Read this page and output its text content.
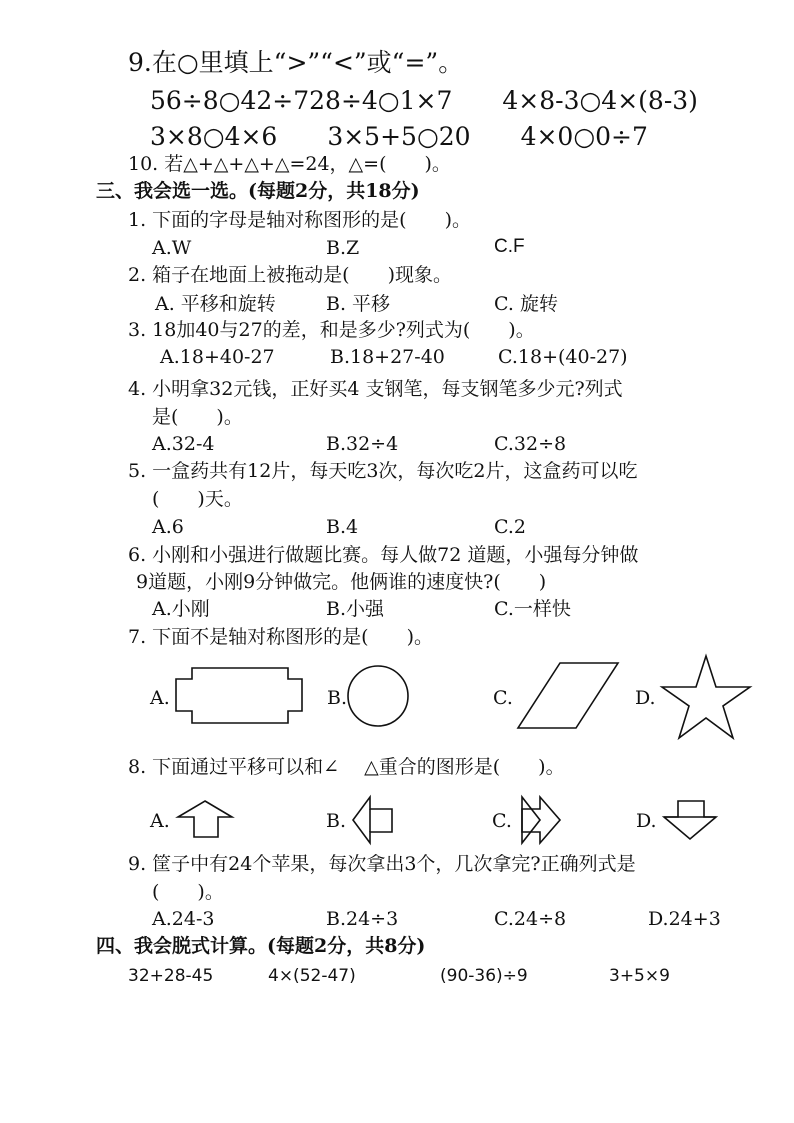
9.在○里填上“>”“<”或“=”。
56÷8○42÷728÷4○1×7　　4×8-3○4×(8-3)
3×8○4×6　　3×5+5○20　　4×0○0÷7
10. 若△+△+△+△=24，△=(　　)。
三、我会选一选。(每题2分，共18分)
1. 下面的字母是轴对称图形的是(　　)。
A.W	B.Z	C.F
2. 箱子在地面上被拖动是(　　)现象。
A. 平移和旋转	B. 平移	C. 旋转
3. 18加40与27的差，和是多少?列式为(　　)。
A.18+40-27	B.18+27-40	C.18+(40-27)
4. 小明拿32元钱，正好买4 支钢笔，每支钢笔多少元?列式
是(　　)。
A.32-4	B.32÷4	C.32÷8
5. 一盒药共有12片，每天吃3次，每次吃2片，这盒药可以吃
(　　)天。
A.6	B.4	C.2
6. 小刚和小强进行做题比赛。每人做72 道题，小强每分钟做
9道题，小刚9分钟做完。他俩谁的速度快?(　　)
A.小刚	B.小强	C.一样快
7. 下面不是轴对称图形的是(　　)。
A.	B.	C.	D.
8. 下面通过平移可以和∠　 △重合的图形是(　　)。
A.	B.	C.	D.
9. 筐子中有24个苹果，每次拿出3个，几次拿完?正确列式是
(　　)。
A.24-3	B.24÷3	C.24÷8	D.24+3
四、我会脱式计算。(每题2分，共8分)
32+28-45	4×(52-47)	(90-36)÷9	3+5×9
